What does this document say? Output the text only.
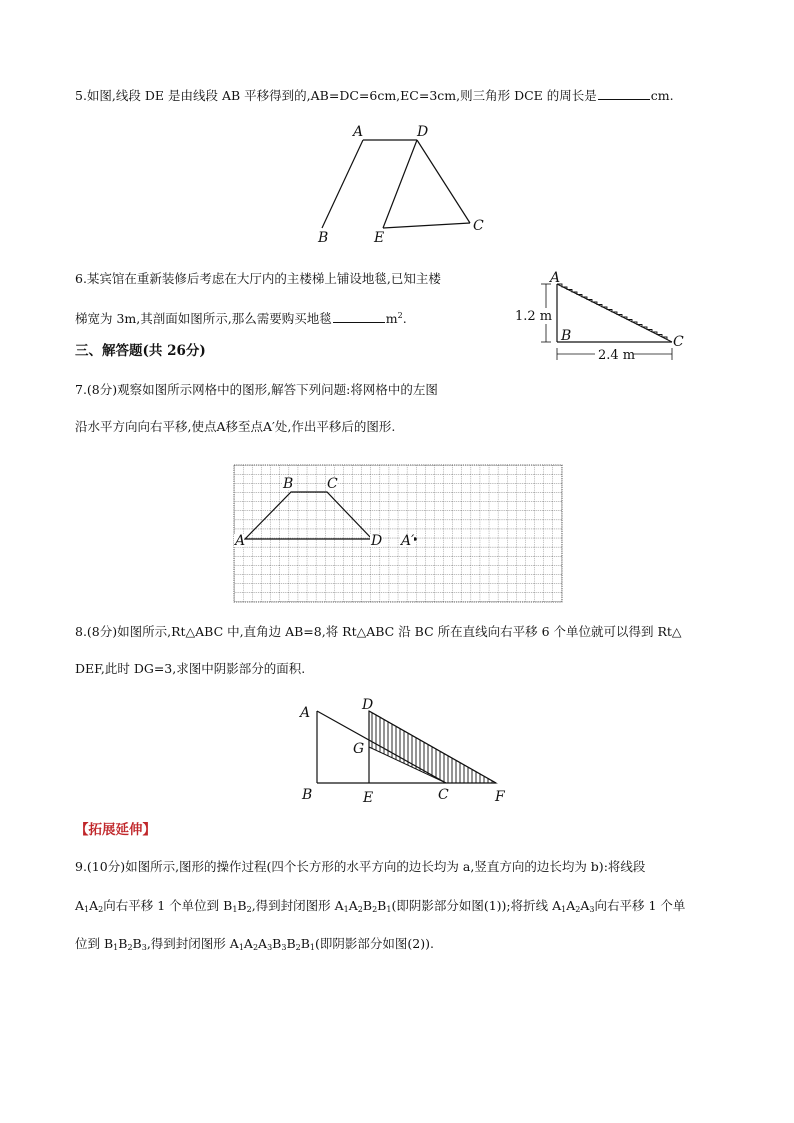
5.如图,线段 DE 是由线段 AB 平移得到的,AB=DC=6cm,EC=3cm,则三角形 DCE 的周长是	cm.
A	D
B	E
C
6.某宾馆在重新装修后考虑在大厅内的主楼梯上铺设地毯,已知主楼
梯宽为 3m,其剖面如图所示,那么需要购买地毯	$m^2$.	1.2 m
2.4 m
A
B	C
三、解答题(共 26分)
7.(8分)观察如图所示网格中的图形,解答下列问题:将网格中的左图
沿水平方向向右平移,使点A移至点A′处,作出平移后的图形.
A
B C
D A′
8.(8分)如图所示,Rt△ABC 中,直角边 AB=8,将 Rt△ABC 沿 BC 所在直线向右平移 6 个单位就可以得到 Rt△
DEF,此时 DG=3,求图中阴影部分的面积.
A	D
G
B	E	C	F
【拓展延伸】
9.(10分)如图所示,图形的操作过程(四个长方形的水平方向的边长均为 a,竖直方向的边长均为 b):将线段
$A_1A_2$向右平移 1 个单位到 $B_1B_2$,得到封闭图形 $A_1A_2B_2B_1$(即阴影部分如图(1));将折线 $A_1A_2A_3$向右平移 1 个单
位到 $B_1B_2B_3$,得到封闭图形 $A_1A_2A_3B_3B_2B_1$(即阴影部分如图(2)).
